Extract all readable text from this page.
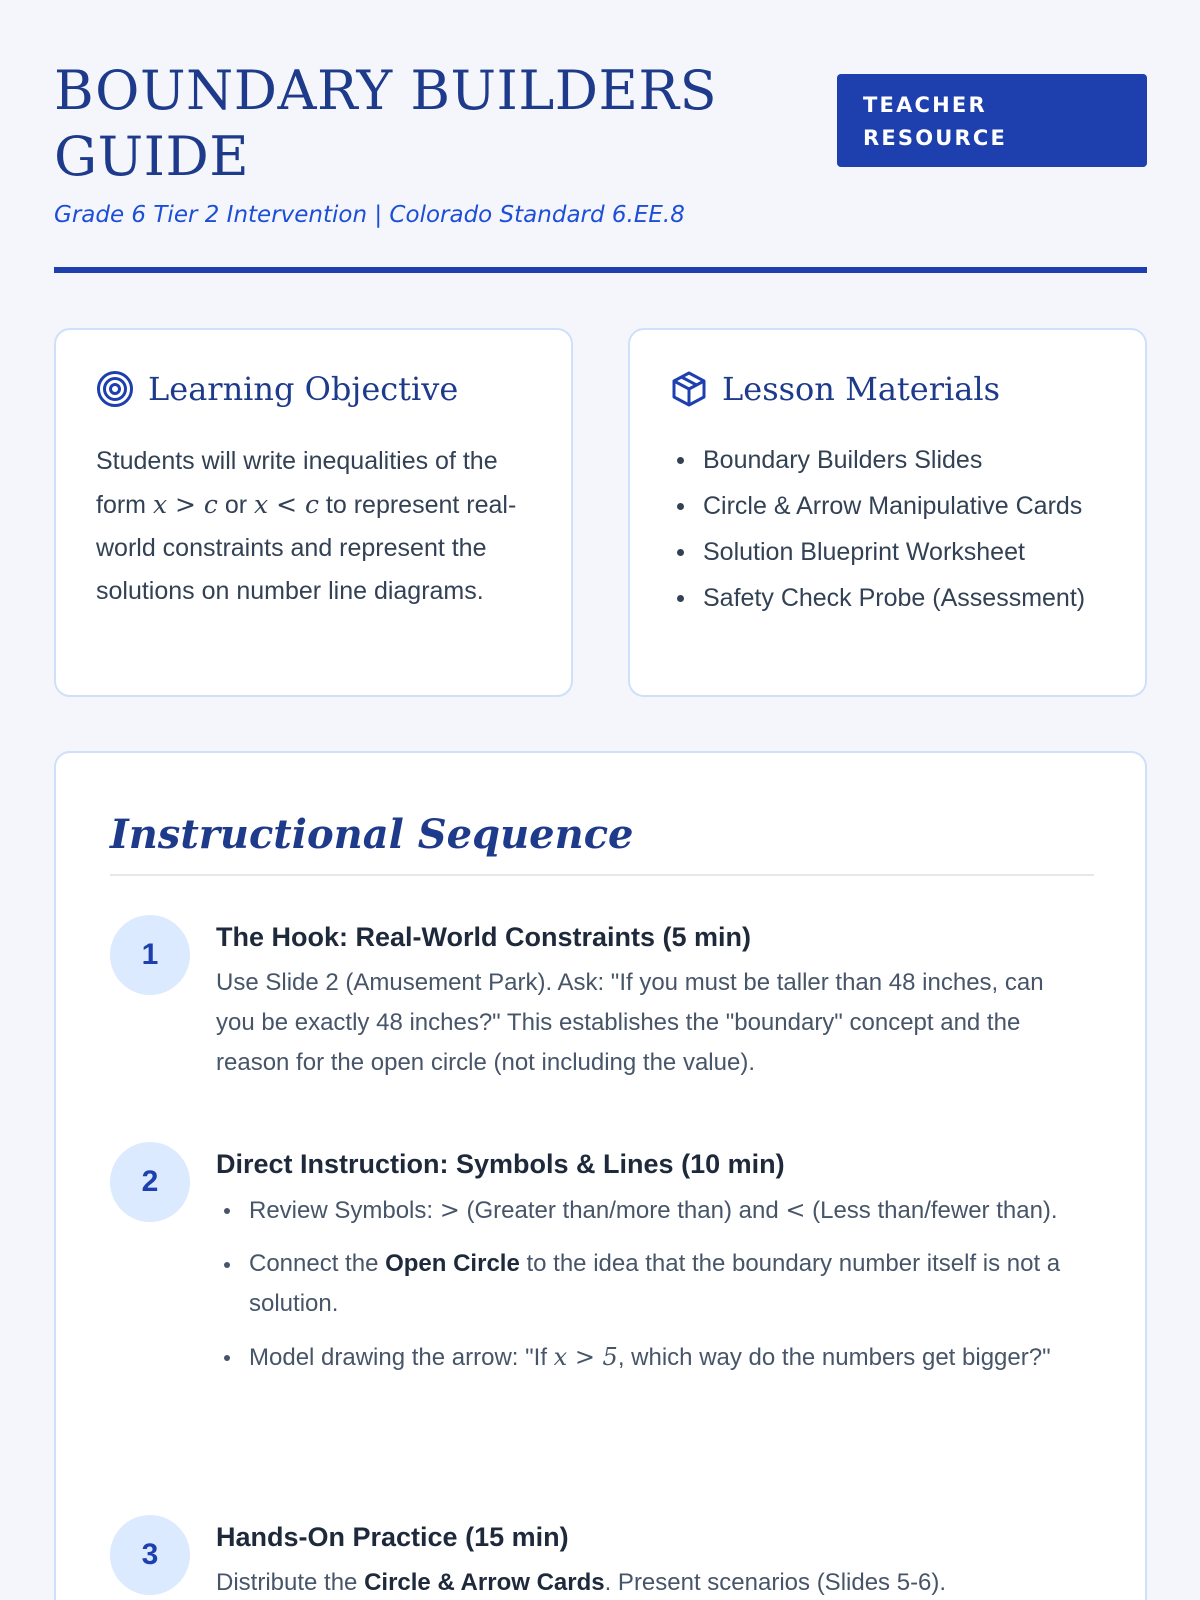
BOUNDARY BUILDERS GUIDE
TEACHER RESOURCE
Grade 6 Tier 2 Intervention | Colorado Standard 6.EE.8
Learning Objective

Students will write inequalities of the form x > c or x < c to represent real-world constraints and represent the solutions on number line diagrams.

Lesson Materials
Boundary Builders Slides
Circle & Arrow Manipulative Cards
Solution Blueprint Worksheet
Safety Check Probe (Assessment)
Instructional Sequence
1
The Hook: Real-World Constraints (5 min)

Use Slide 2 (Amusement Park). Ask: "If you must be taller than 48 inches, can you be exactly 48 inches?" This establishes the "boundary" concept and the reason for the open circle (not including the value).

2
Direct Instruction: Symbols & Lines (10 min)
Review Symbols: > (Greater than/more than) and < (Less than/fewer than).
Connect the Open Circle to the idea that the boundary number itself is not a solution.
Model drawing the arrow: "If x > 5, which way do the numbers get bigger?"
3
Hands-On Practice (15 min)

Distribute the Circle & Arrow Cards. Present scenarios (Slides 5-6).
